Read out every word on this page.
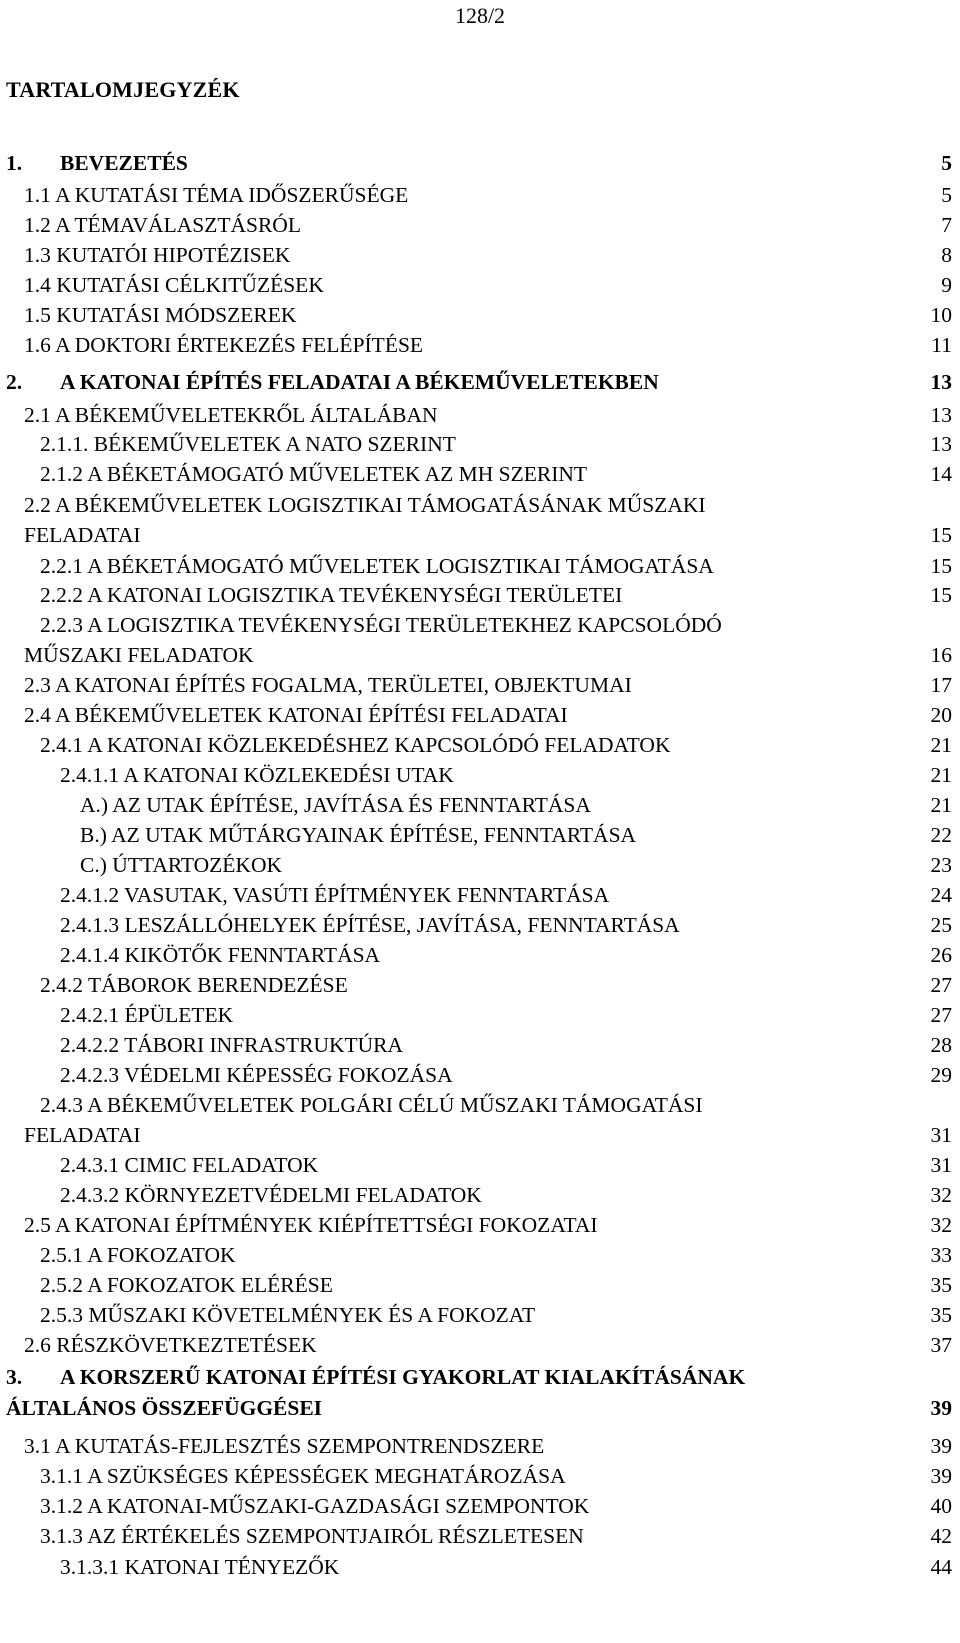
128/2
TARTALOMJEGYZÉK
1. BEVEZETÉS	5
1.1 A KUTATÁSI TÉMA IDŐSZERŰSÉGE	5
1.2 A TÉMAVÁLASZTÁSRÓL	7
1.3 KUTATÓI HIPOTÉZISEK	8
1.4 KUTATÁSI CÉLKITŰZÉSEK	9
1.5 KUTATÁSI MÓDSZEREK	10
1.6 A DOKTORI ÉRTEKEZÉS FELÉPÍTÉSE	11
2. A KATONAI ÉPÍTÉS FELADATAI A BÉKEMŰVELETEKBEN	13
2.1 A BÉKEMŰVELETEKRŐL ÁLTALÁBAN	13
2.1.1. BÉKEMŰVELETEK A NATO SZERINT	13
2.1.2 A BÉKETÁMOGATÓ MŰVELETEK AZ MH SZERINT	14
2.2 A BÉKEMŰVELETEK LOGISZTIKAI TÁMOGATÁSÁNAK MŰSZAKI
FELADATAI	15
2.2.1 A BÉKETÁMOGATÓ MŰVELETEK LOGISZTIKAI TÁMOGATÁSA	15
2.2.2 A KATONAI LOGISZTIKA TEVÉKENYSÉGI TERÜLETEI	15
2.2.3 A LOGISZTIKA TEVÉKENYSÉGI TERÜLETEKHEZ KAPCSOLÓDÓ
MŰSZAKI FELADATOK	16
2.3 A KATONAI ÉPÍTÉS FOGALMA, TERÜLETEI, OBJEKTUMAI	17
2.4 A BÉKEMŰVELETEK KATONAI ÉPÍTÉSI FELADATAI	20
2.4.1 A KATONAI KÖZLEKEDÉSHEZ KAPCSOLÓDÓ FELADATOK	21
2.4.1.1 A KATONAI KÖZLEKEDÉSI UTAK	21
A.) AZ UTAK ÉPÍTÉSE, JAVÍTÁSA ÉS FENNTARTÁSA	21
B.) AZ UTAK MŰTÁRGYAINAK ÉPÍTÉSE, FENNTARTÁSA	22
C.) ÚTTARTOZÉKOK	23
2.4.1.2 VASUTAK, VASÚTI ÉPÍTMÉNYEK FENNTARTÁSA	24
2.4.1.3 LESZÁLLÓHELYEK ÉPÍTÉSE, JAVÍTÁSA, FENNTARTÁSA	25
2.4.1.4 KIKÖTŐK FENNTARTÁSA	26
2.4.2 TÁBOROK BERENDEZÉSE	27
2.4.2.1 ÉPÜLETEK	27
2.4.2.2 TÁBORI INFRASTRUKTÚRA	28
2.4.2.3 VÉDELMI KÉPESSÉG FOKOZÁSA	29
2.4.3 A BÉKEMŰVELETEK POLGÁRI CÉLÚ MŰSZAKI TÁMOGATÁSI
FELADATAI	31
2.4.3.1 CIMIC FELADATOK	31
2.4.3.2 KÖRNYEZETVÉDELMI FELADATOK	32
2.5 A KATONAI ÉPÍTMÉNYEK KIÉPÍTETTSÉGI FOKOZATAI	32
2.5.1 A FOKOZATOK	33
2.5.2 A FOKOZATOK ELÉRÉSE	35
2.5.3 MŰSZAKI KÖVETELMÉNYEK ÉS A FOKOZAT	35
2.6 RÉSZKÖVETKEZTETÉSEK	37
3. A KORSZERŰ KATONAI ÉPÍTÉSI GYAKORLAT KIALAKÍTÁSÁNAK
ÁLTALÁNOS ÖSSZEFÜGGÉSEI	39
3.1 A KUTATÁS-FEJLESZTÉS SZEMPONTRENDSZERE	39
3.1.1 A SZÜKSÉGES KÉPESSÉGEK MEGHATÁROZÁSA	39
3.1.2 A KATONAI-MŰSZAKI-GAZDASÁGI SZEMPONTOK	40
3.1.3 AZ ÉRTÉKELÉS SZEMPONTJAIRÓL RÉSZLETESEN	42
3.1.3.1 KATONAI TÉNYEZŐK	44
